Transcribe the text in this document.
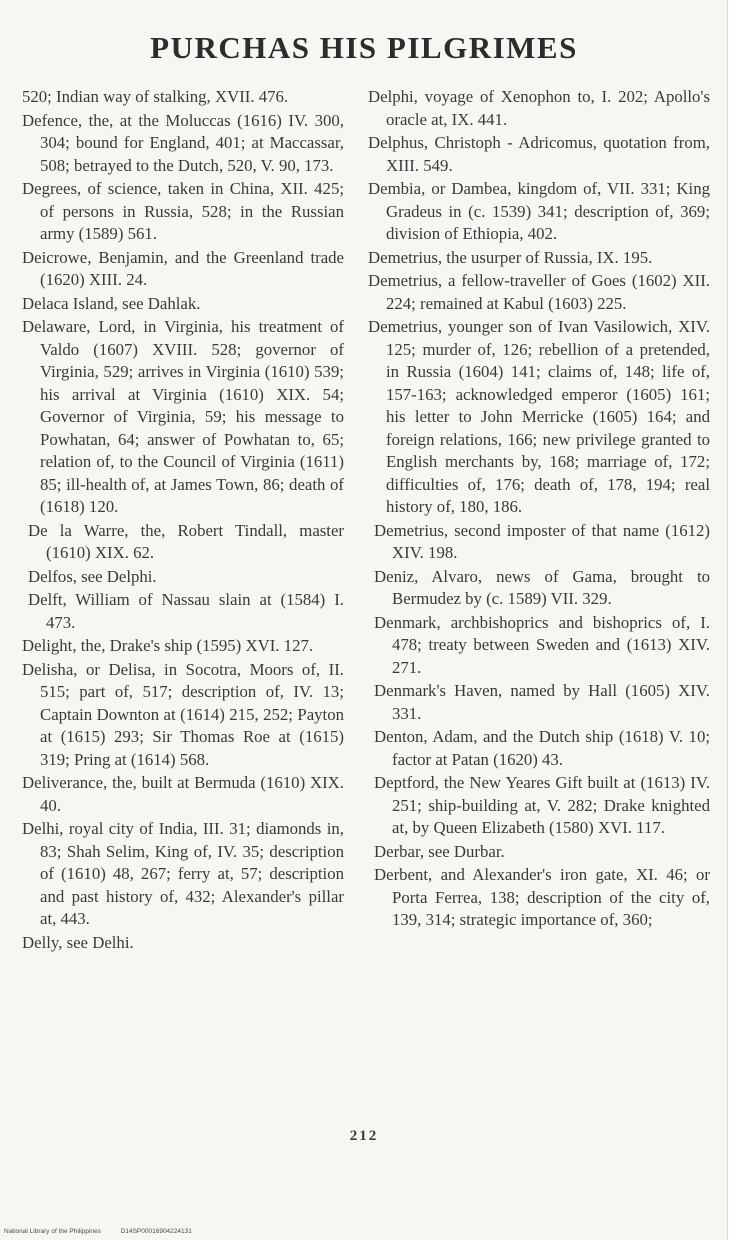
PURCHAS HIS PILGRIMES

520; Indian way of stalking, XVII. 476.

Defence, the, at the Moluccas (1616) IV. 300, 304; bound for England, 401; at Maccassar, 508; betrayed to the Dutch, 520, V. 90, 173.

Degrees, of science, taken in China, XII. 425; of persons in Russia, 528; in the Russian army (1589) 561.

Deicrowe, Benjamin, and the Greenland trade (1620) XIII. 24.

Delaca Island, see Dahlak.

Delaware, Lord, in Virginia, his treatment of Valdo (1607) XVIII. 528; governor of Virginia, 529; arrives in Virginia (1610) 539; his arrival at Virginia (1610) XIX. 54; Governor of Virginia, 59; his message to Powhatan, 64; answer of Powhatan to, 65; relation of, to the Council of Virginia (1611) 85; ill-health of, at James Town, 86; death of (1618) 120.

De la Warre, the, Robert Tindall, master (1610) XIX. 62.

Delfos, see Delphi.

Delft, William of Nassau slain at (1584) I. 473.

Delight, the, Drake's ship (1595) XVI. 127.

Delisha, or Delisa, in Socotra, Moors of, II. 515; part of, 517; description of, IV. 13; Captain Downton at (1614) 215, 252; Payton at (1615) 293; Sir Thomas Roe at (1615) 319; Pring at (1614) 568.

Deliverance, the, built at Bermuda (1610) XIX. 40.

Delhi, royal city of India, III. 31; diamonds in, 83; Shah Selim, King of, IV. 35; description of (1610) 48, 267; ferry at, 57; description and past history of, 432; Alexander's pillar at, 443.

Delly, see Delhi.

Delphi, voyage of Xenophon to, I. 202; Apollo's oracle at, IX. 441.

Delphus, Christoph - Adricomus, quotation from, XIII. 549.

Dembia, or Dambea, kingdom of, VII. 331; King Gradeus in (c. 1539) 341; description of, 369; division of Ethiopia, 402.

Demetrius, the usurper of Russia, IX. 195.

Demetrius, a fellow-traveller of Goes (1602) XII. 224; remained at Kabul (1603) 225.

Demetrius, younger son of Ivan Vasilowich, XIV. 125; murder of, 126; rebellion of a pretended, in Russia (1604) 141; claims of, 148; life of, 157-163; acknowledged emperor (1605) 161; his letter to John Merricke (1605) 164; and foreign relations, 166; new privilege granted to English merchants by, 168; marriage of, 172; difficulties of, 176; death of, 178, 194; real history of, 180, 186.

Demetrius, second imposter of that name (1612) XIV. 198.

Deniz, Alvaro, news of Gama, brought to Bermudez by (c. 1589) VII. 329.

Denmark, archbishoprics and bishoprics of, I. 478; treaty between Sweden and (1613) XIV. 271.

Denmark's Haven, named by Hall (1605) XIV. 331.

Denton, Adam, and the Dutch ship (1618) V. 10; factor at Patan (1620) 43.

Deptford, the New Yeares Gift built at (1613) IV. 251; ship-building at, V. 282; Drake knighted at, by Queen Elizabeth (1580) XVI. 117.

Derbar, see Durbar.

Derbent, and Alexander's iron gate, XI. 46; or Porta Ferrea, 138; description of the city of, 139, 314; strategic importance of, 360;

212
National Library of the Philippines	D14SP00016904224131
